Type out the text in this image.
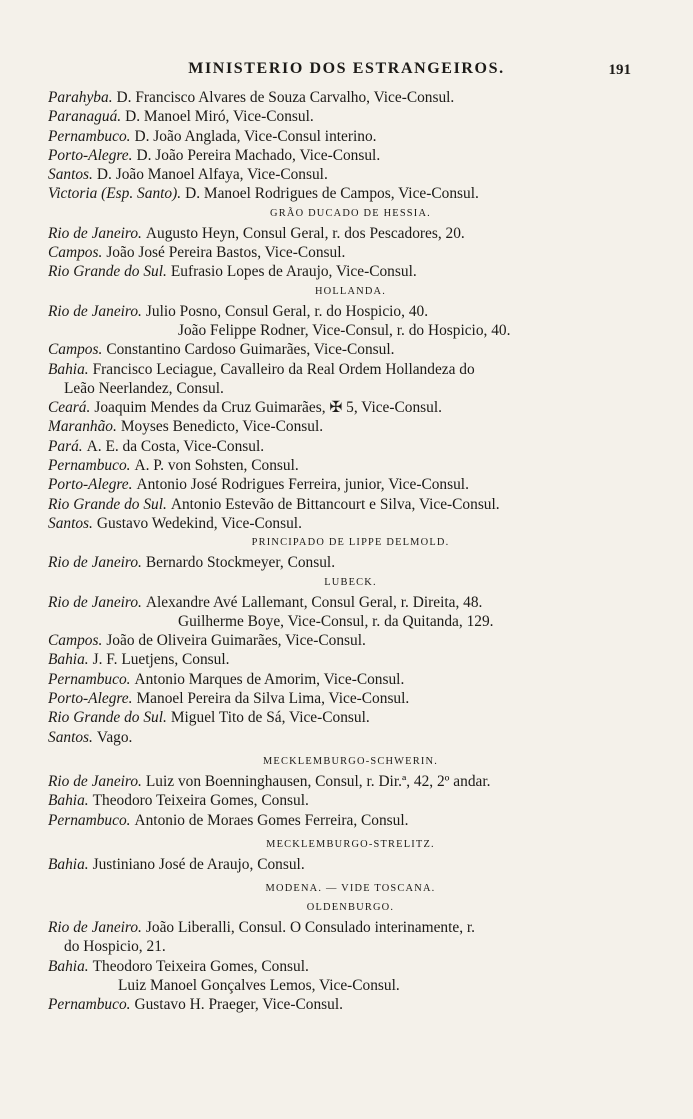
MINISTERIO DOS ESTRANGEIROS.	191
Parahyba. D. Francisco Alvares de Souza Carvalho, Vice-Consul.
Paranaguá. D. Manoel Miró, Vice-Consul.
Pernambuco. D. João Anglada, Vice-Consul interino.
Porto-Alegre. D. João Pereira Machado, Vice-Consul.
Santos. D. João Manoel Alfaya, Vice-Consul.
Victoria (Esp. Santo). D. Manoel Rodrigues de Campos, Vice-Consul.
GRÃO DUCADO DE HESSIA.
Rio de Janeiro. Augusto Heyn, Consul Geral, r. dos Pescadores, 20.
Campos. João José Pereira Bastos, Vice-Consul.
Rio Grande do Sul. Eufrasio Lopes de Araujo, Vice-Consul.
HOLLANDA.
Rio de Janeiro. Julio Posno, Consul Geral, r. do Hospicio, 40.
João Felippe Rodner, Vice-Consul, r. do Hospicio, 40.
Campos. Constantino Cardoso Guimarães, Vice-Consul.
Bahia. Francisco Leciague, Cavalleiro da Real Ordem Hollandeza do
Leão Neerlandez, Consul.
Ceará. Joaquim Mendes da Cruz Guimarães, ✠ 5, Vice-Consul.
Maranhão. Moyses Benedicto, Vice-Consul.
Pará. A. E. da Costa, Vice-Consul.
Pernambuco. A. P. von Sohsten, Consul.
Porto-Alegre. Antonio José Rodrigues Ferreira, junior, Vice-Consul.
Rio Grande do Sul. Antonio Estevão de Bittancourt e Silva, Vice-Consul.
Santos. Gustavo Wedekind, Vice-Consul.
PRINCIPADO DE LIPPE DELMOLD.
Rio de Janeiro. Bernardo Stockmeyer, Consul.
LUBECK.
Rio de Janeiro. Alexandre Avé Lallemant, Consul Geral, r. Direita, 48.
Guilherme Boye, Vice-Consul, r. da Quitanda, 129.
Campos. João de Oliveira Guimarães, Vice-Consul.
Bahia. J. F. Luetjens, Consul.
Pernambuco. Antonio Marques de Amorim, Vice-Consul.
Porto-Alegre. Manoel Pereira da Silva Lima, Vice-Consul.
Rio Grande do Sul. Miguel Tito de Sá, Vice-Consul.
Santos. Vago.
MECKLEMBURGO-SCHWERIN.
Rio de Janeiro. Luiz von Boenninghausen, Consul, r. Dir.ª, 42, 2º andar.
Bahia. Theodoro Teixeira Gomes, Consul.
Pernambuco. Antonio de Moraes Gomes Ferreira, Consul.
MECKLEMBURGO-STRELITZ.
Bahia. Justiniano José de Araujo, Consul.
MODENA. — VIDE TOSCANA.
OLDENBURGO.
Rio de Janeiro. João Liberalli, Consul. O Consulado interinamente, r.
do Hospicio, 21.
Bahia. Theodoro Teixeira Gomes, Consul.
Luiz Manoel Gonçalves Lemos, Vice-Consul.
Pernambuco. Gustavo H. Praeger, Vice-Consul.
